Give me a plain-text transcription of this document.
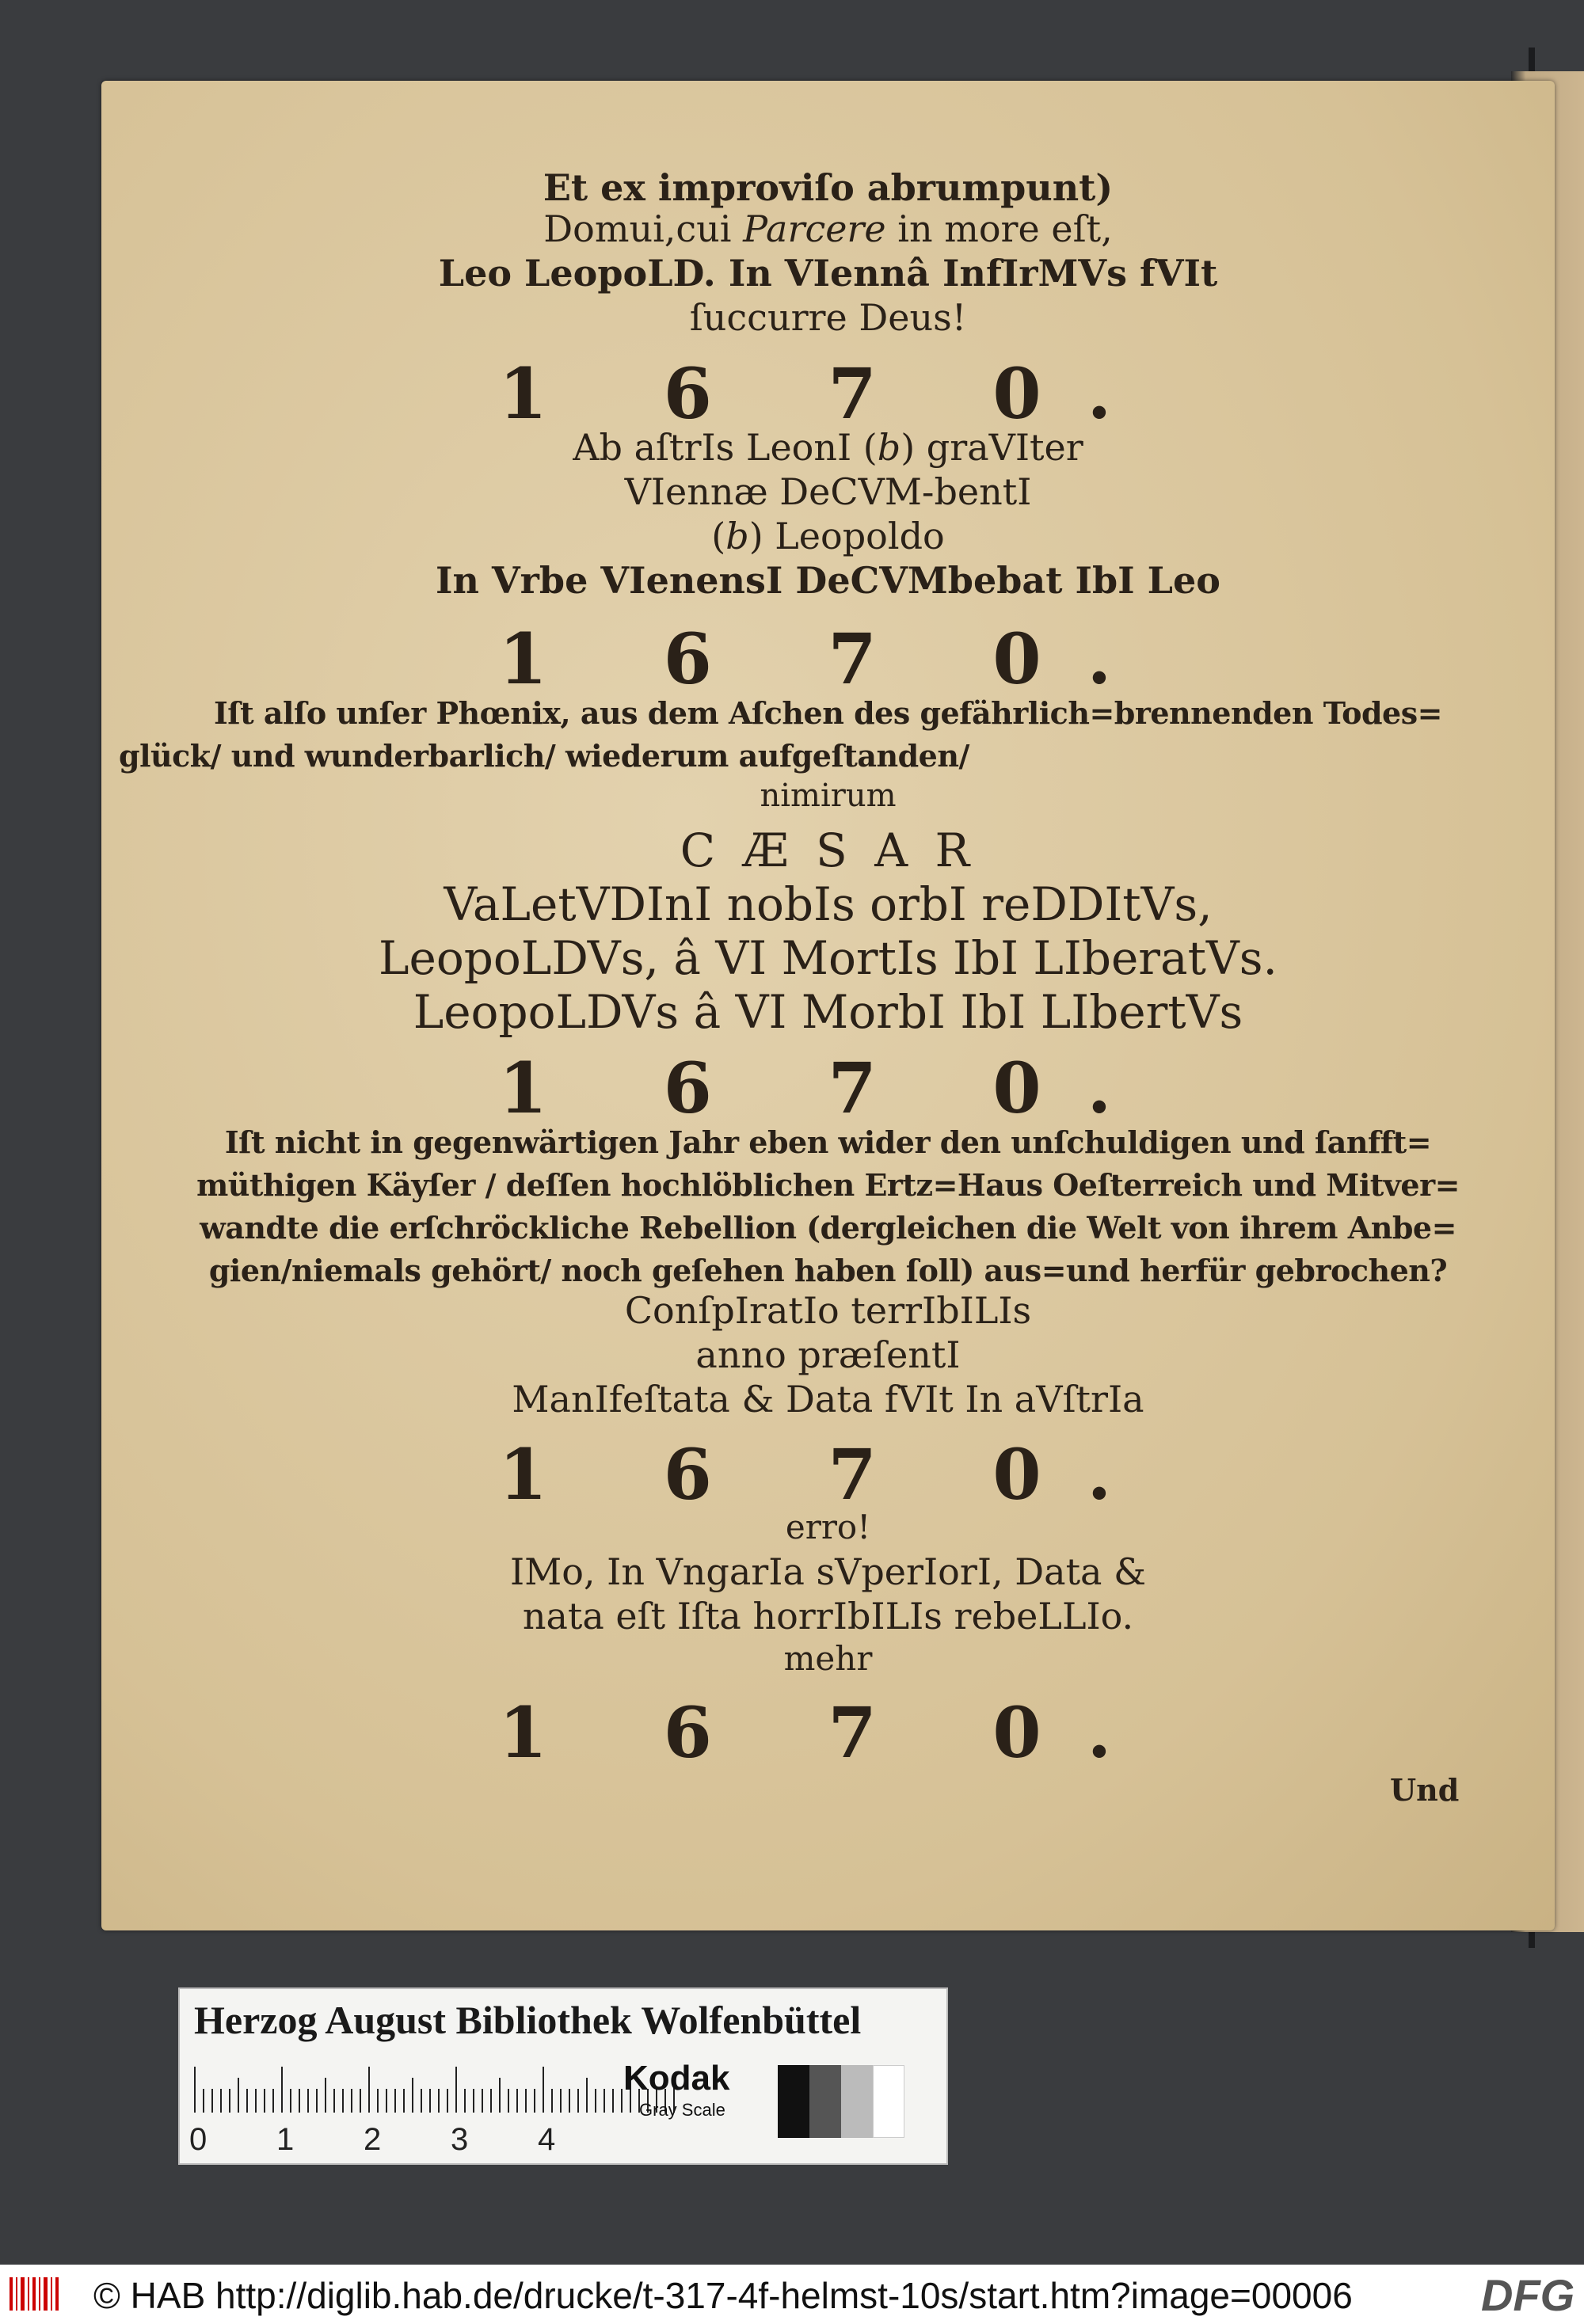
Et ex improviſo abrumpunt)
Domui,cui Parcere in more eſt,
Leo LeopoLD. In VIennâ InfIrMVs fVIt
ſuccurre Deus!
1 6 7 0.
Ab aſtrIs LeonI (b) graVIter
VIennæ DeCVM-bentI
(b) Leopoldo
In Vrbe VIenensI DeCVMbebat IbI Leo
1 6 7 0.
Iſt alſo unſer Phœnix, aus dem Aſchen des gefährlich=brennenden Todes=
glück/ und wunderbarlich/ wiederum aufgeſtanden/
nimirum
C Æ S A R
VaLetVDInI nobIs orbI reDDItVs,
LeopoLDVs, â VI MortIs IbI LIberatVs.
LeopoLDVs â VI MorbI IbI LIbertVs
1 6 7 0.
Iſt nicht in gegenwärtigen Jahr eben wider den unſchuldigen und ſanfft=
müthigen Käyſer / deſſen hochlöblichen Ertz=Haus Oeſterreich und Mitver=
wandte die erſchröckliche Rebellion (dergleichen die Welt von ihrem Anbe=
gien/niemals gehört/ noch geſehen haben ſoll) aus=und herfür gebrochen?
ConſpIratIo terrIbILIs
anno præſentI
ManIfeſtata & Data fVIt In aVſtrIa
1 6 7 0.
erro!
IMo, In VngarIa sVperIorI, Data &
nata eſt Iſta horrIbILIs rebeLLIo.
mehr
1 6 7 0.
Und
Herzog August Bibliothek Wolfenbüttel
0 1 2 3 4
Kodak
Gray Scale
© HAB http://diglib.hab.de/drucke/t-317-4f-helmst-10s/start.htm?image=00006	DFG
